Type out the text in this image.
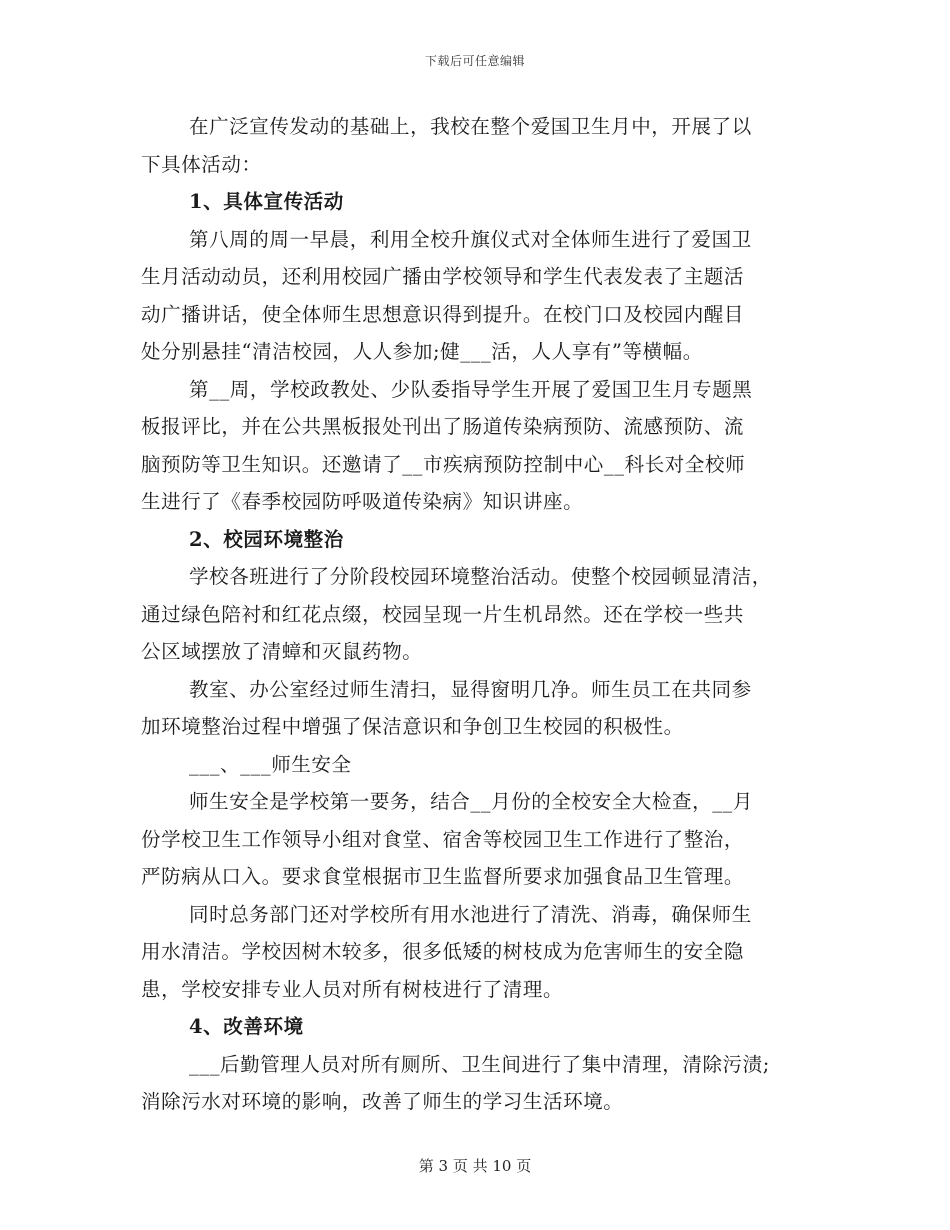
下载后可任意编辑
在广泛宣传发动的基础上，我校在整个爱国卫生月中，开展了以
下具体活动：
1、具体宣传活动
第八周的周一早晨，利用全校升旗仪式对全体师生进行了爱国卫
生月活动动员，还利用校园广播由学校领导和学生代表发表了主题活
动广播讲话，使全体师生思想意识得到提升。在校门口及校园内醒目
处分别悬挂“清洁校园，人人参加;健___活，人人享有”等横幅。
第__周，学校政教处、少队委指导学生开展了爱国卫生月专题黑
板报评比，并在公共黑板报处刊出了肠道传染病预防、流感预防、流
脑预防等卫生知识。还邀请了__市疾病预防控制中心__科长对全校师
生进行了《春季校园防呼吸道传染病》知识讲座。
2、校园环境整治
学校各班进行了分阶段校园环境整治活动。使整个校园顿显清洁，
通过绿色陪衬和红花点缀，校园呈现一片生机昂然。还在学校一些共
公区域摆放了清蟑和灭鼠药物。
教室、办公室经过师生清扫，显得窗明几净。师生员工在共同参
加环境整治过程中增强了保洁意识和争创卫生校园的积极性。
___、___师生安全
师生安全是学校第一要务，结合__月份的全校安全大检查，__月
份学校卫生工作领导小组对食堂、宿舍等校园卫生工作进行了整治，
严防病从口入。要求食堂根据市卫生监督所要求加强食品卫生管理。
同时总务部门还对学校所有用水池进行了清洗、消毒，确保师生
用水清洁。学校因树木较多，很多低矮的树枝成为危害师生的安全隐
患，学校安排专业人员对所有树枝进行了清理。
4、改善环境
___后勤管理人员对所有厕所、卫生间进行了集中清理，清除污渍;
消除污水对环境的影响，改善了师生的学习生活环境。
第 3 页 共 10 页
